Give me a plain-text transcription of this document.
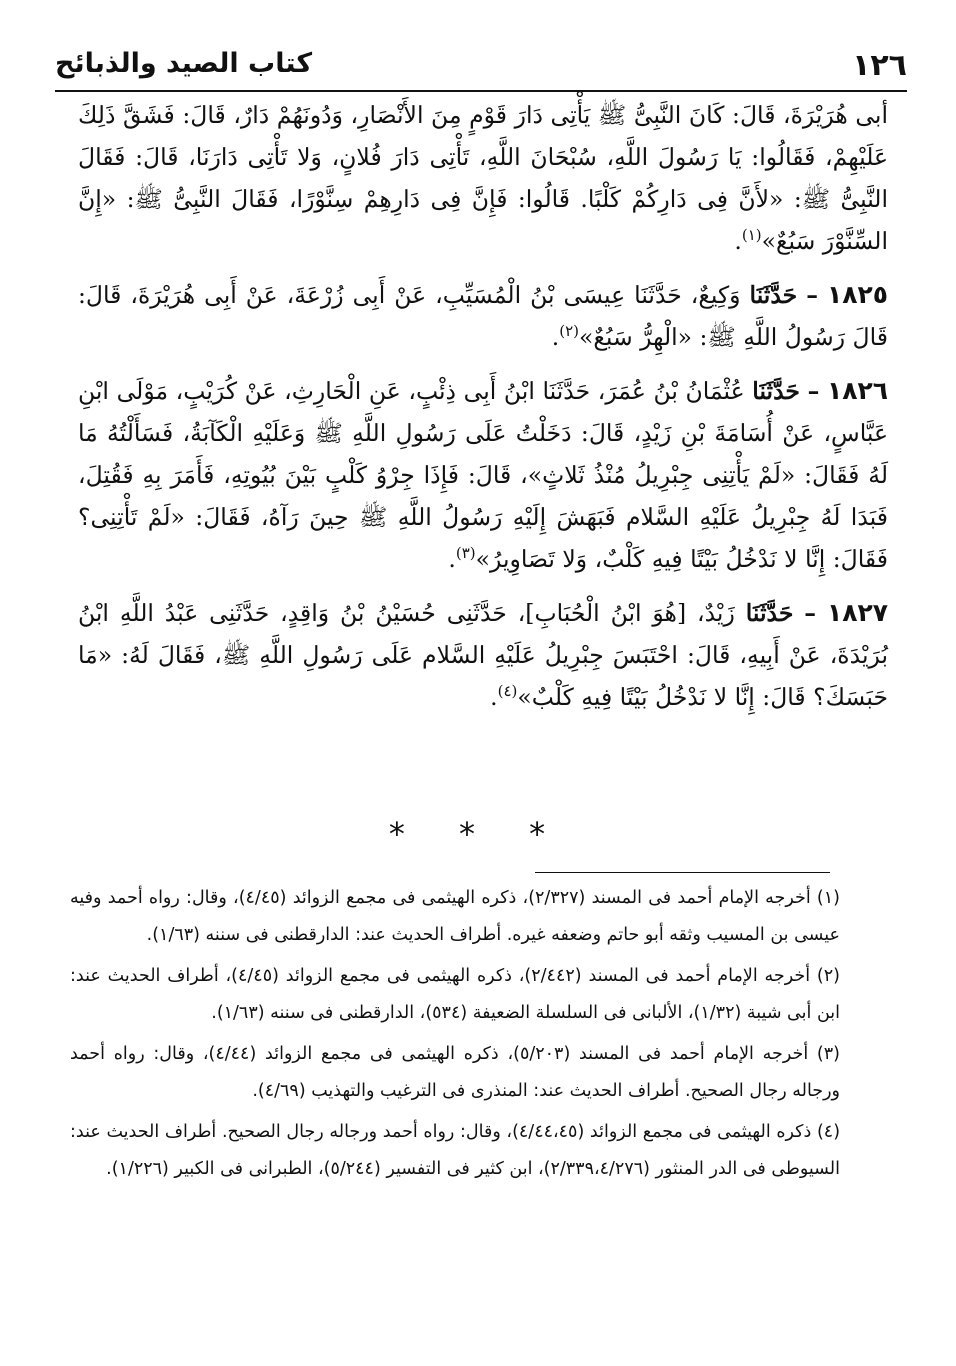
١٢٦
كتاب الصيد والذبائح

أبى هُرَيْرَةَ، قَالَ: كَانَ النَّبِىُّ ﷺ يَأْتِى دَارَ قَوْمٍ مِنَ الأَنْصَارِ، وَدُونَهُمْ دَارٌ، قَالَ: فَشَقَّ ذَلِكَ عَلَيْهِمْ، فَقَالُوا: يَا رَسُولَ اللَّهِ، سُبْحَانَ اللَّهِ، تَأْتِى دَارَ فُلانٍ، وَلا تَأْتِى دَارَنَا، قَالَ: فَقَالَ النَّبِىُّ ﷺ: «لأَنَّ فِى دَارِكُمْ كَلْبًا. قَالُوا: فَإِنَّ فِى دَارِهِمْ سِنَّوْرًا، فَقَالَ النَّبِىُّ ﷺ: «إِنَّ السِّنَّوْرَ سَبُعٌ»$^{(١)}$.

١٨٢٥ – حَدَّثَنَا وَكِيعٌ، حَدَّثَنَا عِيسَى بْنُ الْمُسَيِّبِ، عَنْ أَبِى زُرْعَةَ، عَنْ أَبِى هُرَيْرَةَ، قَالَ: قَالَ رَسُولُ اللَّهِ ﷺ: «الْهِرُّ سَبُعٌ»$^{(٢)}$.

١٨٢٦ – حَدَّثَنَا عُثْمَانُ بْنُ عُمَرَ، حَدَّثَنَا ابْنُ أَبِى ذِئْبٍ، عَنِ الْحَارِثِ، عَنْ كُرَيْبٍ، مَوْلَى ابْنِ عَبَّاسٍ، عَنْ أُسَامَةَ بْنِ زَيْدٍ، قَالَ: دَخَلْتُ عَلَى رَسُولِ اللَّهِ ﷺ وَعَلَيْهِ الْكَآبَةُ، فَسَأَلْتُهُ مَا لَهُ فَقَالَ: «لَمْ يَأْتِنِى جِبْرِيلُ مُنْذُ ثَلاثٍ»، قَالَ: فَإِذَا جِرْوُ كَلْبٍ بَيْنَ بُيُوتِهِ، فَأَمَرَ بِهِ فَقُتِلَ، فَبَدَا لَهُ جِبْرِيلُ عَلَيْهِ السَّلام فَبَهَشَ إِلَيْهِ رَسُولُ اللَّهِ ﷺ حِينَ رَآهُ، فَقَالَ: «لَمْ تَأْتِنِى؟ فَقَالَ: إِنَّا لا نَدْخُلُ بَيْتًا فِيهِ كَلْبٌ، وَلا تَصَاوِيرُ»$^{(٣)}$.

١٨٢٧ – حَدَّثَنَا زَيْدٌ، [هُوَ ابْنُ الْحُبَابِ]، حَدَّثَنِى حُسَيْنُ بْنُ وَاقِدٍ، حَدَّثَنِى عَبْدُ اللَّهِ ابْنُ بُرَيْدَةَ، عَنْ أَبِيهِ، قَالَ: احْتَبَسَ جِبْرِيلُ عَلَيْهِ السَّلام عَلَى رَسُولِ اللَّهِ ﷺ، فَقَالَ لَهُ: «مَا حَبَسَكَ؟ قَالَ: إِنَّا لا نَدْخُلُ بَيْتًا فِيهِ كَلْبٌ»$^{(٤)}$.

* * *

(١) أخرجه الإمام أحمد فى المسند (٢/٣٢٧)، ذكره الهيثمى فى مجمع الزوائد (٤/٤٥)، وقال: رواه أحمد وفيه عيسى بن المسيب وثقه أبو حاتم وضعفه غيره. أطراف الحديث عند: الدارقطنى فى سننه (١/٦٣).

(٢) أخرجه الإمام أحمد فى المسند (٢/٤٤٢)، ذكره الهيثمى فى مجمع الزوائد (٤/٤٥)، أطراف الحديث عند: ابن أبى شيبة (١/٣٢)، الألبانى فى السلسلة الضعيفة (٥٣٤)، الدارقطنى فى سننه (١/٦٣).

(٣) أخرجه الإمام أحمد فى المسند (٥/٢٠٣)، ذكره الهيثمى فى مجمع الزوائد (٤/٤٤)، وقال: رواه أحمد ورجاله رجال الصحيح. أطراف الحديث عند: المنذرى فى الترغيب والتهذيب (٤/٦٩).

(٤) ذكره الهيثمى فى مجمع الزوائد (٤/٤٤،٤٥)، وقال: رواه أحمد ورجاله رجال الصحيح. أطراف الحديث عند: السيوطى فى الدر المنثور (٢/٣٣٩،٤/٢٧٦)، ابن كثير فى التفسير (٥/٢٤٤)، الطبرانى فى الكبير (١/٢٢٦).
